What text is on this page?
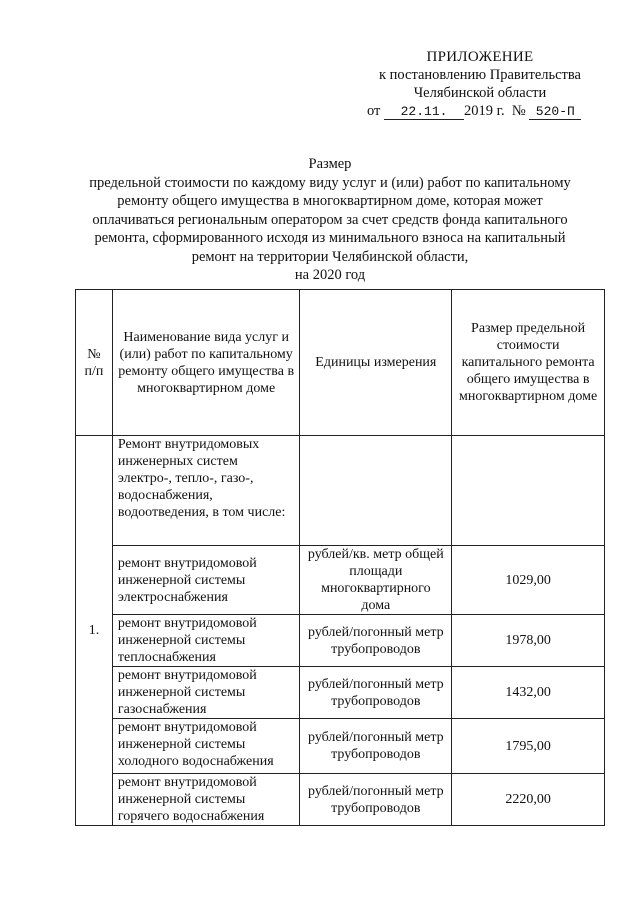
ПРИЛОЖЕНИЕ
к постановлению Правительства
Челябинской области
от 22.11. 2019 г. № 520-П
Размер
предельной стоимости по каждому виду услуг и (или) работ по капитальному
ремонту общего имущества в многоквартирном доме, которая может
оплачиваться региональным оператором за счет средств фонда капитального
ремонта, сформированного исходя из минимального взноса на капитальный
ремонт на территории Челябинской области,
на 2020 год
№ п/п	Наименование вида услуг и (или) работ по капитальному ремонту общего имущества в многоквартирном доме	Единицы измерения	Размер предельной стоимости капитального ремонта общего имущества в многоквартирном доме
1.	Ремонт внутридомовых инженерных систем электро-, тепло-, газо-, водоснабжения, водоотведения, в том числе:		
	ремонт внутридомовой инженерной системы электроснабжения	рублей/кв. метр общей площади многоквартирного дома	1029,00
	ремонт внутридомовой инженерной системы теплоснабжения	рублей/погонный метр трубопроводов	1978,00
	ремонт внутридомовой инженерной системы газоснабжения	рублей/погонный метр трубопроводов	1432,00
	ремонт внутридомовой инженерной системы холодного водоснабжения	рублей/погонный метр трубопроводов	1795,00
	ремонт внутридомовой инженерной системы горячего водоснабжения	рублей/погонный метр трубопроводов	2220,00
